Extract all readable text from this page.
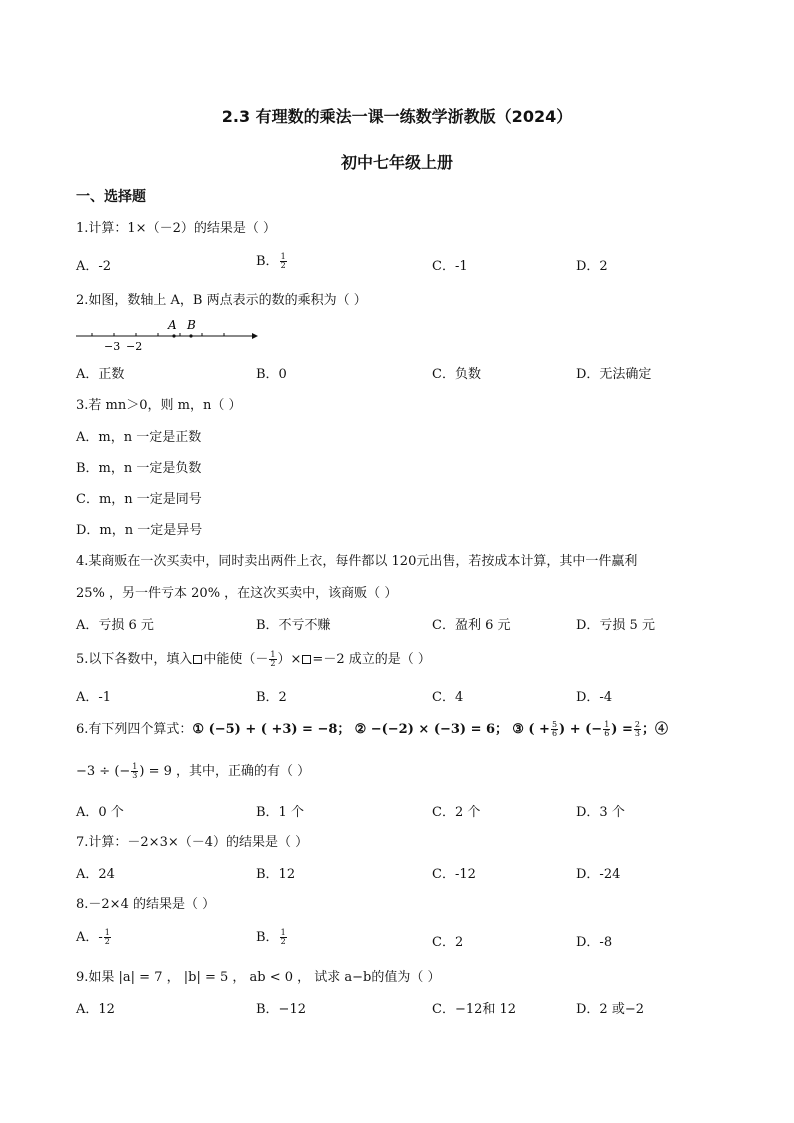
2.3 有理数的乘法一课一练数学浙教版（2024）
初中七年级上册
一、选择题
1.计算：1×（－2）的结果是（ ）
A．-2	B． $\frac{1}{2}$	C．-1	D．2
2.如图，数轴上 A，B 两点表示的数的乘积为（ ）
A B
−3 −2
A．正数	B．0	C．负数	D．无法确定
3.若 mn＞0，则 m，n（ ）
A．m，n 一定是正数
B．m，n 一定是负数
C．m，n 一定是同号
D．m，n 一定是异号
4.某商贩在一次买卖中，同时卖出两件上衣，每件都以 120元出售，若按成本计算，其中一件赢利
25% ，另一件亏本 20% ，在这次买卖中，该商贩（ ）
A．亏损 6 元	B．不亏不赚	C．盈利 6 元	D．亏损 5 元
5.以下各数中，填入 中能使（－ $\frac{1}{2}$ ）× =－2 成立的是（ ）
A．-1	B．2	C．4	D．-4
6.有下列四个算式：① (−5) + ( +3) = −8； ② −(−2) × (−3) = 6； ③ ( + $\frac{5}{6}$ ) + (− $\frac{1}{6}$ ) = $\frac{2}{3}$ ；④
−3 ÷ (− $\frac{1}{3}$ ) = 9 ，其中，正确的有（ ）
A．0 个	B．1 个	C．2 个	D．3 个
7.计算：－2×3×（－4）的结果是（ ）
A．24	B．12	C．-12	D．-24
8.－2×4 的结果是（ ）
A．- $\frac{1}{2}$	B． $\frac{1}{2}$	C．2	D．-8
9.如果 |a| = 7 ， |b| = 5 ， ab < 0 ， 试求 a−b的值为（ ）
A．12	B．−12	C．−12和 12	D．2 或−2
